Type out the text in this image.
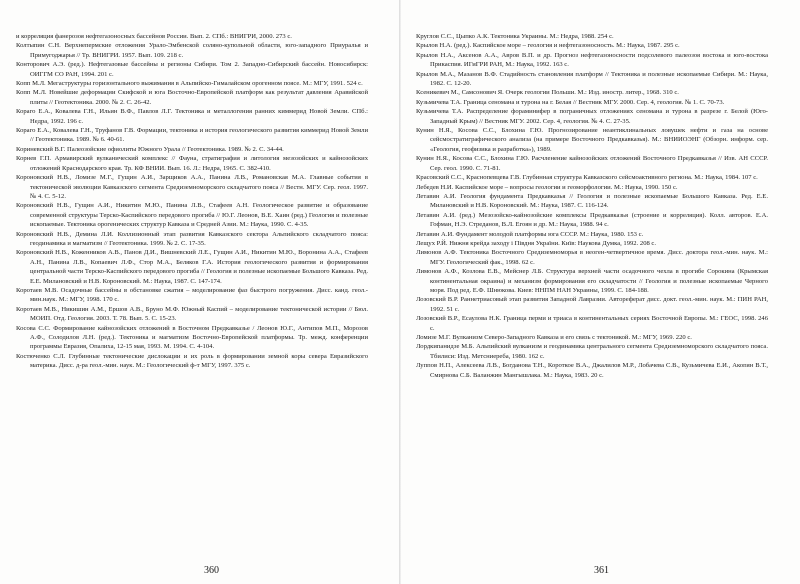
и корреляция фанерозоя нефтегазоносных бассейнов России. Вып. 2. СПб.: ВНИГРИ, 2000. 273 с.

Колтыпин С.Н. Верхнепермские отложения Урало-Эмбенской соляно-купольной области, юго-западного Приуралья и Примугоджарья // Тр. ВНИГРИ. 1957. Вып. 109. 218 с.

Конторович А.Э. (ред.). Нефтегазовые бассейны и регионы Сибири. Том 2. Западно-Сибирский бассейн. Новосибирск: ОИГГМ СО РАН, 1994. 201 с.

Копп М.Л. Мегаструктуры горизонтального выжимания в Альпийско-Гималайском орогенном поясе. М.: МГУ, 1991. 524 с.

Копп М.Л. Новейшие деформации Скифской и юга Восточно-Европейской платформ как результат давления Аравийской плиты // Геотектоника. 2000. № 2. С. 26-42.

Кораго Е.А., Ковалева Г.Н., Ильин В.Ф., Павлов Л.Г. Тектоника и металлогения ранних киммерид Новой Земли. СПб.: Недра, 1992. 196 с.

Кораго Е.А., Ковалева Г.Н., Труфанов Г.В. Формации, тектоника и история геологического развития киммерид Новой Земли // Геотектоника. 1989. № 6. 40-61.

Кориневский В.Г. Палеозойские офиолиты Южного Урала // Геотектоника. 1989. № 2. С. 34-44.

Корнев Г.П. Армавирский вулканический комплекс // Фауна, стратиграфия и литология мезозойских и кайнозойских отложений Краснодарского края. Тр. КФ ВНИИ. Вып. 16. Л.: Недра, 1965. С. 382-410.

Короновский Н.В., Ломизе М.Г., Гущин А.И., Зарщиков А.А., Панина Л.В., Романовская М.А. Главные события в тектонической эволюции Кавказского сегмента Средиземноморского складчатого пояса // Вестн. МГУ. Сер. геол. 1997. № 4. С. 5-12.

Короновский Н.В., Гущин А.И., Никитин М.Ю., Панина Л.В., Стафеев А.Н. Геологическое развитие и образование современной структуры Терско-Каспийского передового прогиба // Ю.Г. Леонов, В.Е. Хаин (ред.) Геология и полезные ископаемые. Тектоника орогенических структур Кавказа и Средней Азии. М.: Наука, 1990. С. 4-35.

Короновский Н.В., Демина Л.И. Коллизионный этап развития Кавказского сектора Альпийского складчатого пояса: геодинамика и магматизм // Геотектоника. 1999. № 2. С. 17-35.

Короновский Н.В., Коженников А.В., Панов Д.И., Вишневский Л.Е., Гущин А.И., Никитин М.Ю., Воронина А.А., Стафеев А.Н., Панина Л.В., Копаевич Л.Ф., Стор М.А., Беляков Г.А. История геологического развития и формирования центральной части Терско-Каспийского передового прогиба // Геология и полезные ископаемые Большого Кавказа. Ред. Е.Е. Милановский и Н.В. Короновский. М.: Наука, 1987. С. 147-174.

Коротаев М.В. Осадочные бассейны в обстановке сжатия – моделирование фаз быстрого погружения. Дисс. канд. геол.-мин.наук. М.: МГУ, 1998. 170 с.

Коротаев М.В., Никишин А.М., Ершов А.В., Бруно М.Ф. Южный Каспий – моделирование тектонической истории // Бюл. МОИП. Отд. Геология. 2003. Т. 78. Вып. 5. С. 15-23.

Косова С.С. Формирование кайнозойских отложений в Восточном Предкавказье / Леонов Ю.Г., Антипов М.П., Морозов А.Ф., Солодилов Л.Н. (ред.). Тектоника и магматизм Восточно-Европейской платформы. Тр. межд. конференции программы Евразия, Опалиха, 12-15 мая, 1993. М. 1994. С. 4-104.

Костюченко С.Л. Глубинные тектонические дислокации и их роль в формировании земной коры севера Евразийского материка. Дисс. д-ра геол.-мин. наук. М.: Геологический ф-т МГУ, 1997. 375 с.

Круглов С.С., Цыпко А.К. Тектоника Украины. М.: Недра, 1988. 254 с.

Крылов Н.А. (ред.). Каспийское море – геология и нефтегазоносность. М.: Наука, 1987. 295 с.

Крылов Н.А., Аксенов А.А., Авров В.П. и др. Прогноз нефтегазоносности подсолевого палеозоя востока и юго-востока Прикаспия. ИГиГРИ РАН, М.: Наука, 1992. 163 с.

Крылов М.А., Мазанов В.Ф. Стадийность становления платформ // Тектоника и полезные ископаемые Сибири. М.: Наука, 1982. С. 12-20.

Ксеникевич М., Самсонович Я. Очерк геологии Польши. М.: Изд. иностр. литер., 1968. 310 с.

Кузьмичева Т.А. Граница сеномана и турона на г. Белая // Вестник МГУ. 2000. Сер. 4, геология. № 1. С. 70-73.

Кузьмичева Т.А. Распределение фораминифер в пограничных отложениях сеномана и турона в разрезе г. Белой (Юго-Западный Крым) // Вестник МГУ. 2002. Сер. 4, геология. № 4. С. 27-35.

Кунин Н.Я., Косова С.С., Блохина Г.Ю. Прогнозирование неантиклинальных ловушек нефти и газа на основе сейсмостратиграфического анализа (на примере Восточного Предкавказья). М.: ВНИИОЭНГ (Обзорн. информ. сер. «Геология, геофизика и разработка»), 1989.

Кунин Н.Я., Косова С.С., Блохина Г.Ю. Расчленение кайнозойских отложений Восточного Предкавказья // Изв. АН СССР. Сер. геол. 1990. С. 71-81.

Красовский С.С., Краснопевцева Г.В. Глубинная структура Кавказского сейсмоактивного региона. М.: Наука, 1984. 107 с.

Лебедев Н.И. Каспийское море – вопросы геологии и геоморфологии. М.: Наука, 1990. 150 с.

Летавин А.И. Геология фундамента Предкавказья // Геология и полезные ископаемые Большого Кавказа. Ред. Е.Е. Милановский и Н.В. Короновский. М.: Наука, 1987. С. 116-124.

Летавин А.И. (ред.) Мезозойско-кайнозойские комплексы Предкавказья (строение и корреляция). Колл. авторов. Е.А. Гофман, Н.Э. Стреданов, В.Л. Егоян и др. М.: Наука, 1988. 94 с.

Летавин А.И. Фундамент молодой платформы юга СССР. М.: Наука, 1980. 153 с.

Лещух Р.Й. Нижня крейда заходу і Півдня України. Київ: Наукова Думка, 1992. 208 с.

Лимонов А.Ф. Тектоника Восточного Средиземноморья в неоген-четвертичное время. Дисс. доктора геол.-мин. наук. М.: МГУ. Геологический фак., 1998. 62 с.

Лимонов А.Ф., Козлова Е.В., Мейснер Л.Б. Структура верхней части осадочного чехла в прогибе Сорокина (Крымская континентальная окраина) и механизм формирования его складчатости // Геология и полезные ископаемые Черного моря. Под ред. Е.Ф. Шнюкова. Киев: ННПМ НАН Украины, 1999. С. 184-188.

Лозовский В.Р. Раннетриасовый этап развития Западной Лавразии. Автореферат дисс. докт. геол.-мин. наук. М.: ПИН РАН, 1992. 51 с.

Лозовский В.Р., Есаулова Н.К. Граница перми и триаса в континентальных сериях Восточной Европы. М.: ГЕОС, 1998. 246 с.

Ломизе М.Г. Вулканизм Северо-Западного Кавказа и его связь с тектоникой. М.: МГУ, 1969. 220 с.

Лордкипанидзе М.Б. Альпийский вулканизм и геодинамика центрального сегмента Средиземноморского складчатого пояса. Тбилиси: Изд. Метсниереба, 1980. 162 с.

Луппов Н.П., Алексеева Л.В., Богданова Т.Н., Короткое В.А., Джалилов М.Р., Лобачева С.В., Кузьмичева Е.И., Акопян В.Т., Смирнова С.Б. Валанжин Мангышлака. М.: Наука, 1983. 20 с.

360	361
